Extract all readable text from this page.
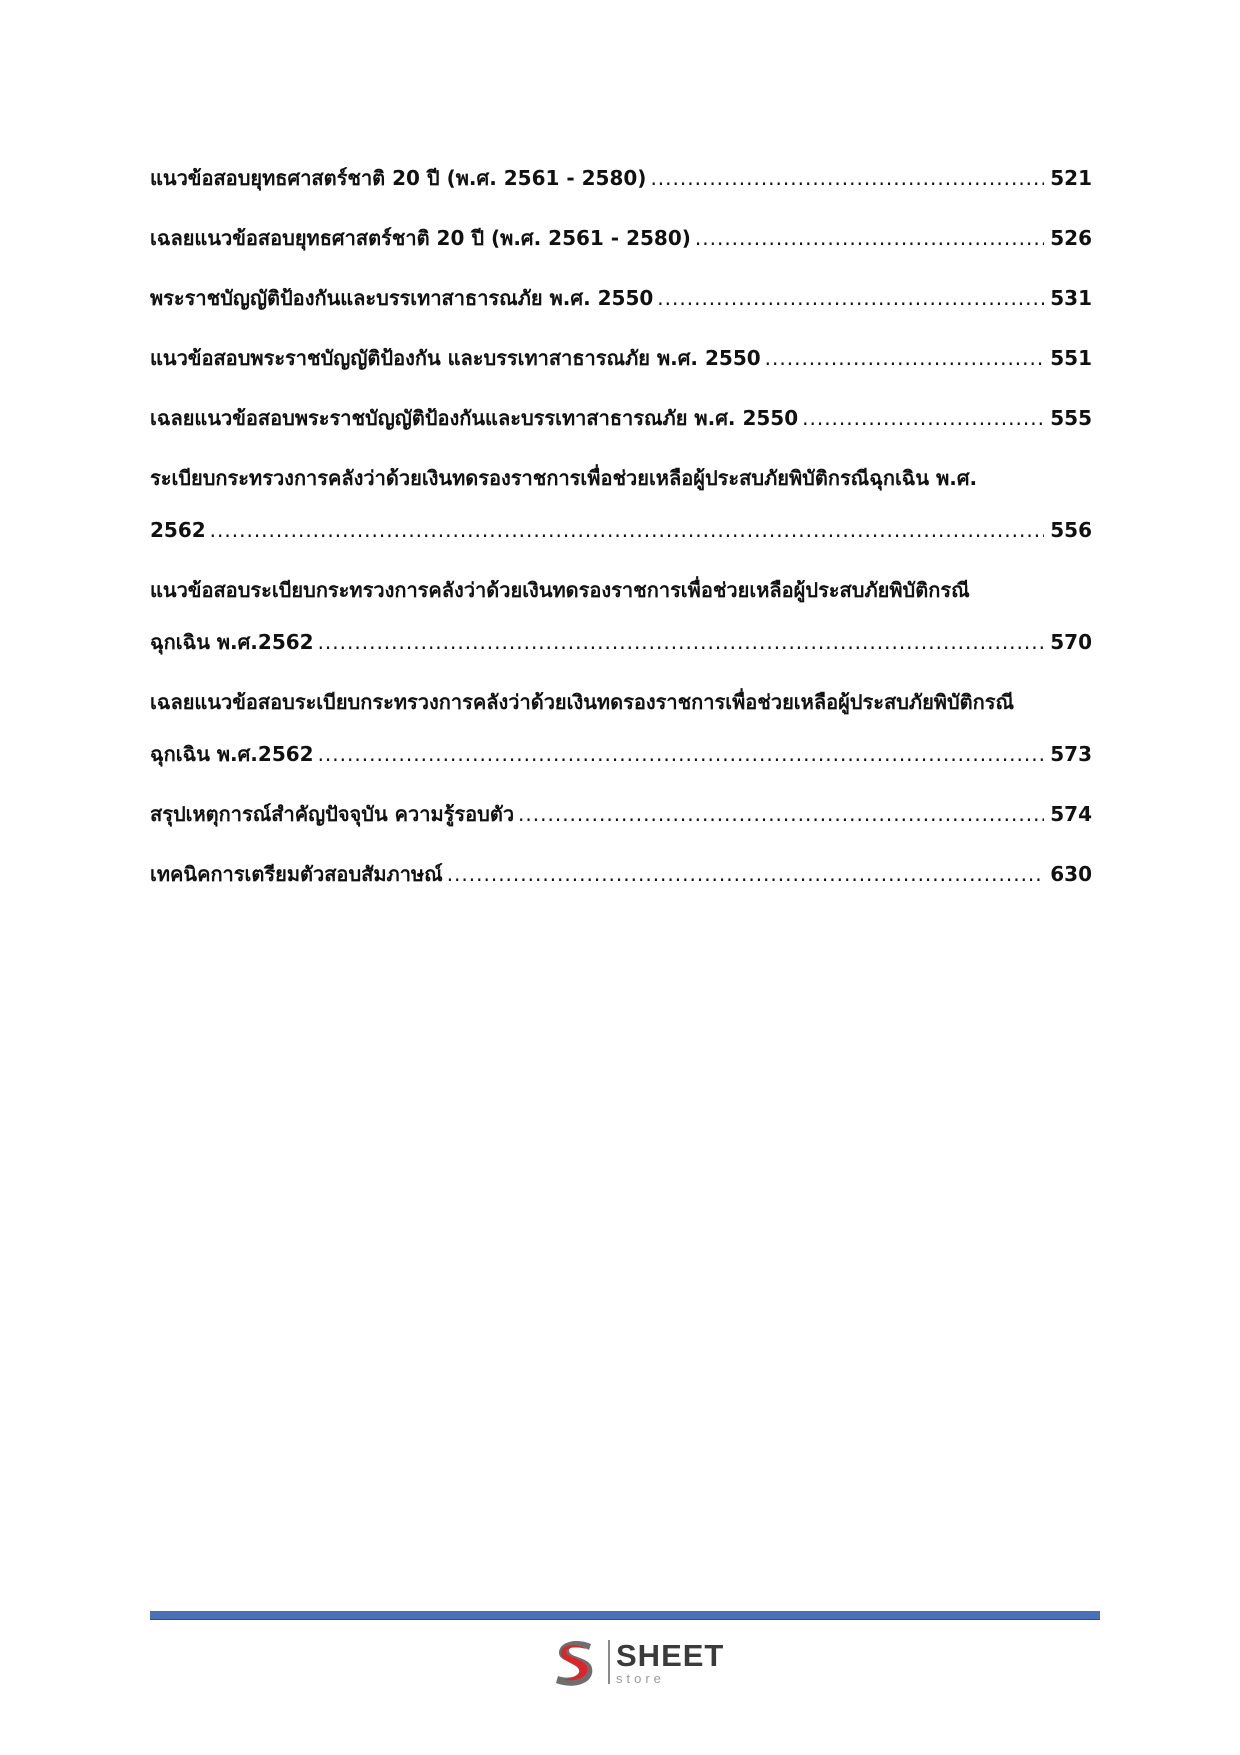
แนวข้อสอบยุทธศาสตร์ชาติ 20 ปี (พ.ศ. 2561 - 2580) .....	521
เฉลยแนวข้อสอบยุทธศาสตร์ชาติ 20 ปี (พ.ศ. 2561 - 2580) .....	526
พระราชบัญญัติป้องกันและบรรเทาสาธารณภัย พ.ศ. 2550 .....	531
แนวข้อสอบพระราชบัญญัติป้องกัน และบรรเทาสาธารณภัย พ.ศ. 2550 .....	551
เฉลยแนวข้อสอบพระราชบัญญัติป้องกันและบรรเทาสาธารณภัย พ.ศ. 2550 .....	555
ระเบียบกระทรวงการคลังว่าด้วยเงินทดรองราชการเพื่อช่วยเหลือผู้ประสบภัยพิบัติกรณีฉุกเฉิน พ.ศ.
2562 .....	556
แนวข้อสอบระเบียบกระทรวงการคลังว่าด้วยเงินทดรองราชการเพื่อช่วยเหลือผู้ประสบภัยพิบัติกรณี
ฉุกเฉิน พ.ศ.2562 .....	570
เฉลยแนวข้อสอบระเบียบกระทรวงการคลังว่าด้วยเงินทดรองราชการเพื่อช่วยเหลือผู้ประสบภัยพิบัติกรณี
ฉุกเฉิน พ.ศ.2562 .....	573
สรุปเหตุการณ์สำคัญปัจจุบัน ความรู้รอบตัว .....	574
เทคนิคการเตรียมตัวสอบสัมภาษณ์ .....	630
SHEET
store
